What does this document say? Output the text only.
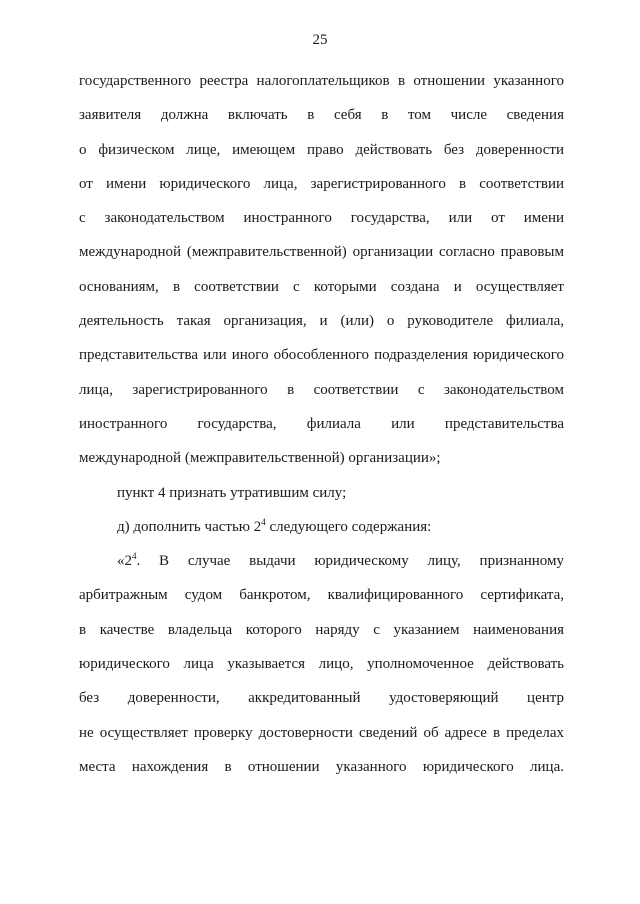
25
государственного реестра налогоплательщиков в отношении указанного
заявителя должна включать в себя в том числе сведения
о физическом лице, имеющем право действовать без доверенности
от имени юридического лица, зарегистрированного в соответствии
с законодательством иностранного государства, или от имени
международной (межправительственной) организации согласно правовым
основаниям, в соответствии с которыми создана и осуществляет
деятельность такая организация, и (или) о руководителе филиала,
представительства или иного обособленного подразделения юридического
лица, зарегистрированного в соответствии с законодательством
иностранного государства, филиала или представительства
международной (межправительственной) организации»;
пункт 4 признать утратившим силу;
д) дополнить частью $2^4$ следующего содержания:
«$2^4$. В случае выдачи юридическому лицу, признанному
арбитражным судом банкротом, квалифицированного сертификата,
в качестве владельца которого наряду с указанием наименования
юридического лица указывается лицо, уполномоченное действовать
без доверенности, аккредитованный удостоверяющий центр
не осуществляет проверку достоверности сведений об адресе в пределах
места нахождения в отношении указанного юридического лица.
